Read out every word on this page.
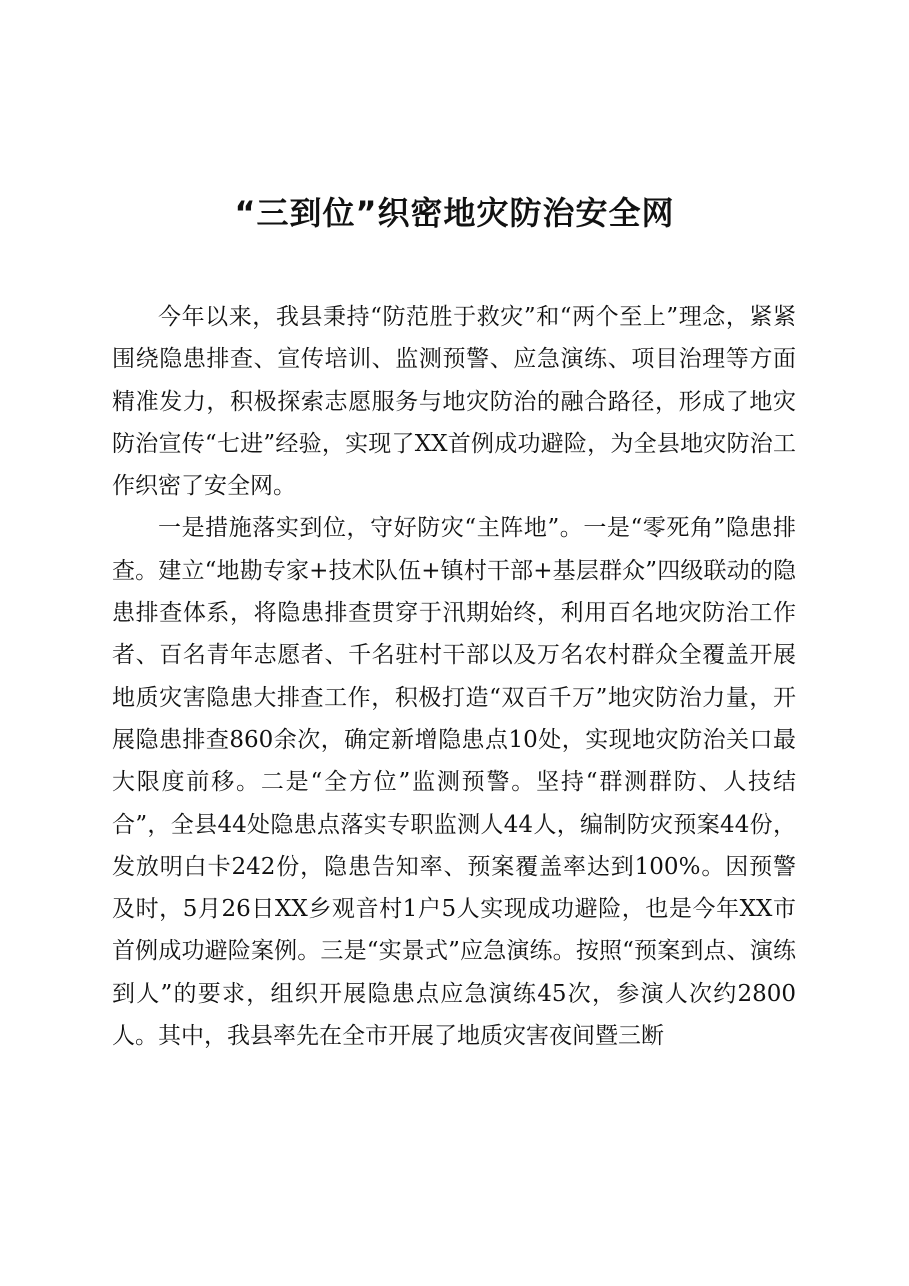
“三到位”织密地灾防治安全网

今年以来，我县秉持“防范胜于救灾”和“两个至上”理念，紧紧围绕隐患排查、宣传培训、监测预警、应急演练、项目治理等方面精准发力，积极探索志愿服务与地灾防治的融合路径，形成了地灾防治宣传“七进”经验，实现了XX首例成功避险，为全县地灾防治工作织密了安全网。

一是措施落实到位，守好防灾“主阵地”。一是“零死角”隐患排查。建立“地勘专家+技术队伍+镇村干部+基层群众”四级联动的隐患排查体系，将隐患排查贯穿于汛期始终，利用百名地灾防治工作者、百名青年志愿者、千名驻村干部以及万名农村群众全覆盖开展地质灾害隐患大排查工作，积极打造“双百千万”地灾防治力量，开展隐患排查860余次，确定新增隐患点10处，实现地灾防治关口最大限度前移。二是“全方位”监测预警。坚持“群测群防、人技结合”，全县44处隐患点落实专职监测人44人，编制防灾预案44份，发放明白卡242份，隐患告知率、预案覆盖率达到100%。因预警及时，5月26日XX乡观音村1户5人实现成功避险，也是今年XX市首例成功避险案例。三是“实景式”应急演练。按照“预案到点、演练到人”的要求，组织开展隐患点应急演练45次，参演人次约2800人。其中，我县率先在全市开展了地质灾害夜间暨三断
